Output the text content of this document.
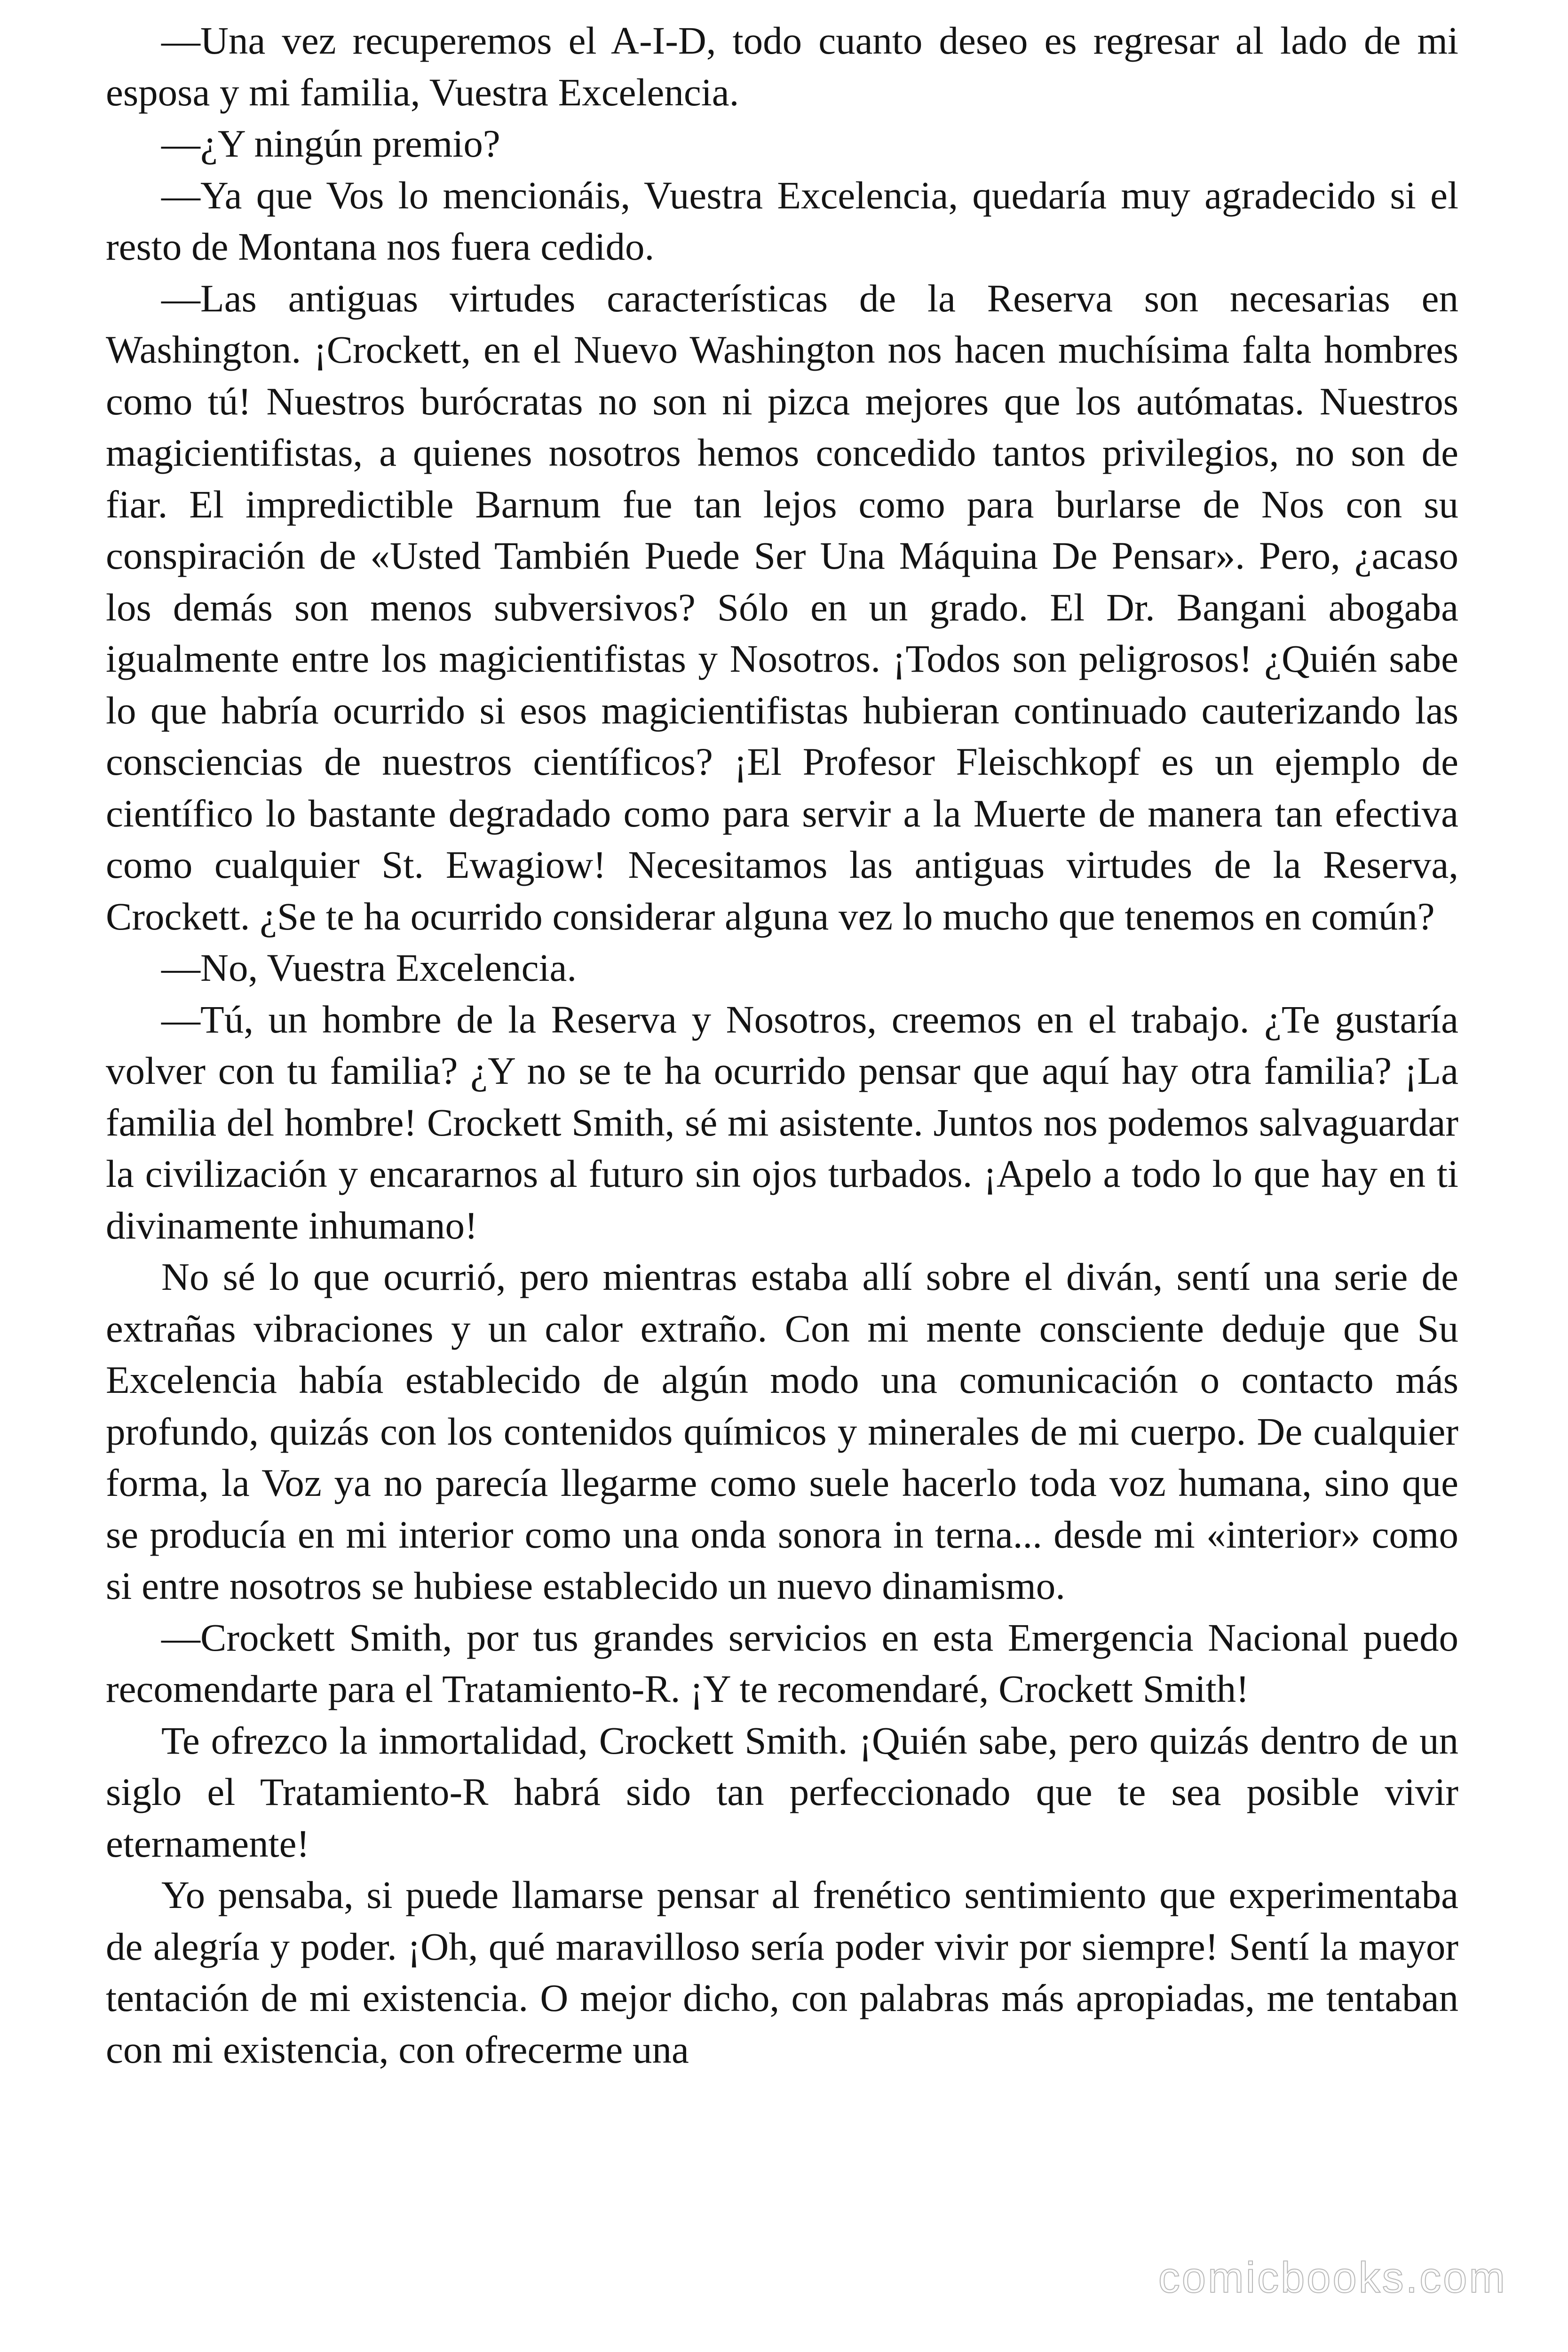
—Una vez recuperemos el A-I-D, todo cuanto deseo es regresar al lado de mi esposa y mi familia, Vuestra Excelencia.

—¿Y ningún premio?

—Ya que Vos lo mencionáis, Vuestra Excelencia, quedaría muy agradecido si el resto de Montana nos fuera cedido.

—Las antiguas virtudes características de la Reserva son necesarias en Washington. ¡Crockett, en el Nuevo Washington nos hacen muchísima falta hombres como tú! Nuestros burócratas no son ni pizca mejores que los autómatas. Nuestros magicientifistas, a quienes nosotros hemos concedido tantos privilegios, no son de fiar. El impredictible Barnum fue tan lejos como para burlarse de Nos con su conspiración de «Usted También Puede Ser Una Máquina De Pensar». Pero, ¿acaso los demás son menos subversivos? Sólo en un grado. El Dr. Bangani abogaba igualmente entre los magicientifistas y Nosotros. ¡Todos son peligrosos! ¿Quién sabe lo que habría ocurrido si esos magicientifistas hubieran continuado cauterizando las consciencias de nuestros científicos? ¡El Profesor Fleischkopf es un ejemplo de científico lo bastante degradado como para servir a la Muerte de manera tan efectiva como cualquier St. Ewagiow! Necesitamos las antiguas virtudes de la Reserva, Crockett. ¿Se te ha ocurrido considerar alguna vez lo mucho que tenemos en común?

—No, Vuestra Excelencia.

—Tú, un hombre de la Reserva y Nosotros, creemos en el trabajo. ¿Te gustaría volver con tu familia? ¿Y no se te ha ocurrido pensar que aquí hay otra familia? ¡La familia del hombre! Crockett Smith, sé mi asistente. Juntos nos podemos salvaguardar la civilización y encararnos al futuro sin ojos turbados. ¡Apelo a todo lo que hay en ti divinamente inhumano!

No sé lo que ocurrió, pero mientras estaba allí sobre el diván, sentí una serie de extrañas vibraciones y un calor extraño. Con mi mente consciente deduje que Su Excelencia había establecido de algún modo una comunicación o contacto más profundo, quizás con los contenidos químicos y minerales de mi cuerpo. De cualquier forma, la Voz ya no parecía llegarme como suele hacerlo toda voz humana, sino que se producía en mi interior como una onda sonora in terna... desde mi «interior» como si entre nosotros se hubiese establecido un nuevo dinamismo.

—Crockett Smith, por tus grandes servicios en esta Emergencia Nacional puedo recomendarte para el Tratamiento-R. ¡Y te recomendaré, Crockett Smith!

Te ofrezco la inmortalidad, Crockett Smith. ¡Quién sabe, pero quizás dentro de un siglo el Tratamiento-R habrá sido tan perfeccionado que te sea posible vivir eternamente!

Yo pensaba, si puede llamarse pensar al frenético sentimiento que experimentaba de alegría y poder. ¡Oh, qué maravilloso sería poder vivir por siempre! Sentí la mayor tentación de mi existencia. O mejor dicho, con palabras más apropiadas, me tentaban con mi existencia, con ofrecerme una

comicbooks.com
